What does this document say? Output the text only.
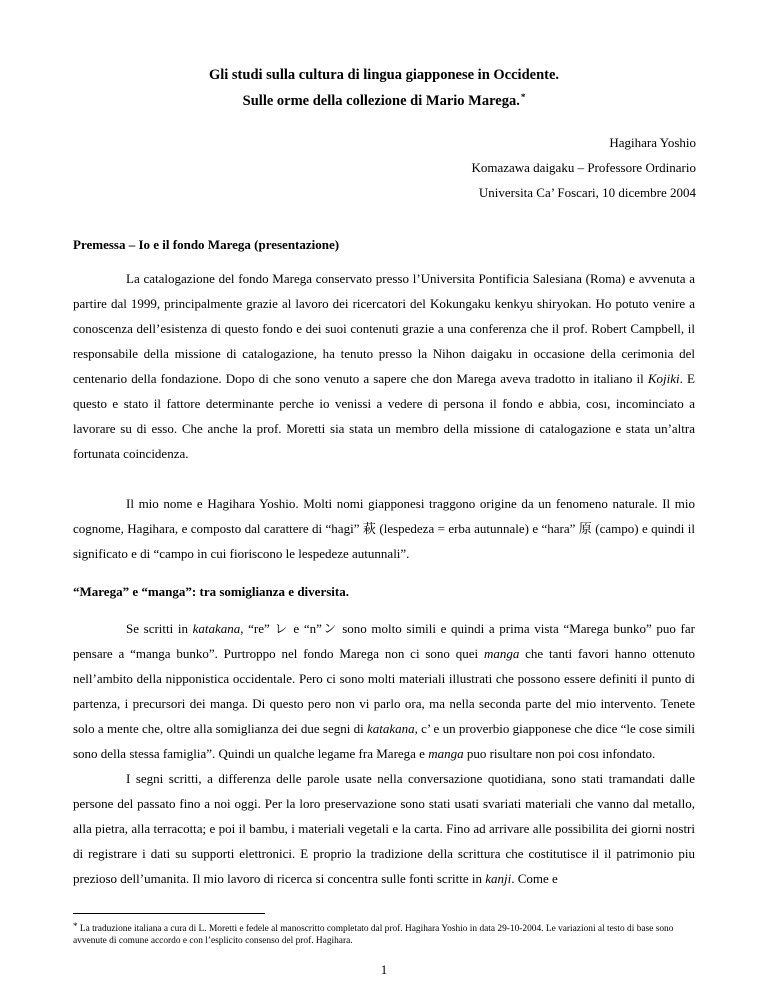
Gli studi sulla cultura di lingua giapponese in Occidente.
Sulle orme della collezione di Mario Marega.*
Hagihara Yoshio
Komazawa daigaku – Professore Ordinario
Universita Ca’ Foscari, 10 dicembre 2004
Premessa – Io e il fondo Marega (presentazione)

La catalogazione del fondo Marega conservato presso l’Universita Pontificia Salesiana (Roma) e avvenuta a partire dal 1999, principalmente grazie al lavoro dei ricercatori del Kokungaku kenkyu shiryokan. Ho potuto venire a conoscenza dell’esistenza di questo fondo e dei suoi contenuti grazie a una conferenza che il prof. Robert Campbell, il responsabile della missione di catalogazione, ha tenuto presso la Nihon daigaku in occasione della cerimonia del centenario della fondazione. Dopo di che sono venuto a sapere che don Marega aveva tradotto in italiano il Kojiki. E questo e stato il fattore determinante perche io venissi a vedere di persona il fondo e abbia, cosı, incominciato a lavorare su di esso. Che anche la prof. Moretti sia stata un membro della missione di catalogazione e stata un’altra fortunata coincidenza.

Il mio nome e Hagihara Yoshio. Molti nomi giapponesi traggono origine da un fenomeno naturale. Il mio cognome, Hagihara, e composto dal carattere di “hagi” 萩 (lespedeza = erba autunnale) e “hara” 原 (campo) e quindi il significato e di “campo in cui fioriscono le lespedeze autunnali”.

“Marega” e “manga”: tra somiglianza e diversita.

Se scritti in katakana, “re” レ e “n”ン sono molto simili e quindi a prima vista “Marega bunko” puo far pensare a “manga bunko”. Purtroppo nel fondo Marega non ci sono quei manga che tanti favori hanno ottenuto nell’ambito della nipponistica occidentale. Pero ci sono molti materiali illustrati che possono essere definiti il punto di partenza, i precursori dei manga. Di questo pero non vi parlo ora, ma nella seconda parte del mio intervento. Tenete solo a mente che, oltre alla somiglianza dei due segni di katakana, c’ e un proverbio giapponese che dice “le cose simili sono della stessa famiglia”. Quindi un qualche legame fra Marega e manga puo risultare non poi cosı infondato.

I segni scritti, a differenza delle parole usate nella conversazione quotidiana, sono stati tramandati dalle persone del passato fino a noi oggi. Per la loro preservazione sono stati usati svariati materiali che vanno dal metallo, alla pietra, alla terracotta; e poi il bambu, i materiali vegetali e la carta. Fino ad arrivare alle possibilita dei giorni nostri di registrare i dati su supporti elettronici. E proprio la tradizione della scrittura che costitutisce il il patrimonio piu prezioso dell’umanita. Il mio lavoro di ricerca si concentra sulle fonti scritte in kanji. Come e

* La traduzione italiana a cura di L. Moretti e fedele al manoscritto completato dal prof. Hagihara Yoshio in data 29-10-2004. Le variazioni al testo di base sono avvenute di comune accordo e con l’esplicito consenso del prof. Hagihara.
1
